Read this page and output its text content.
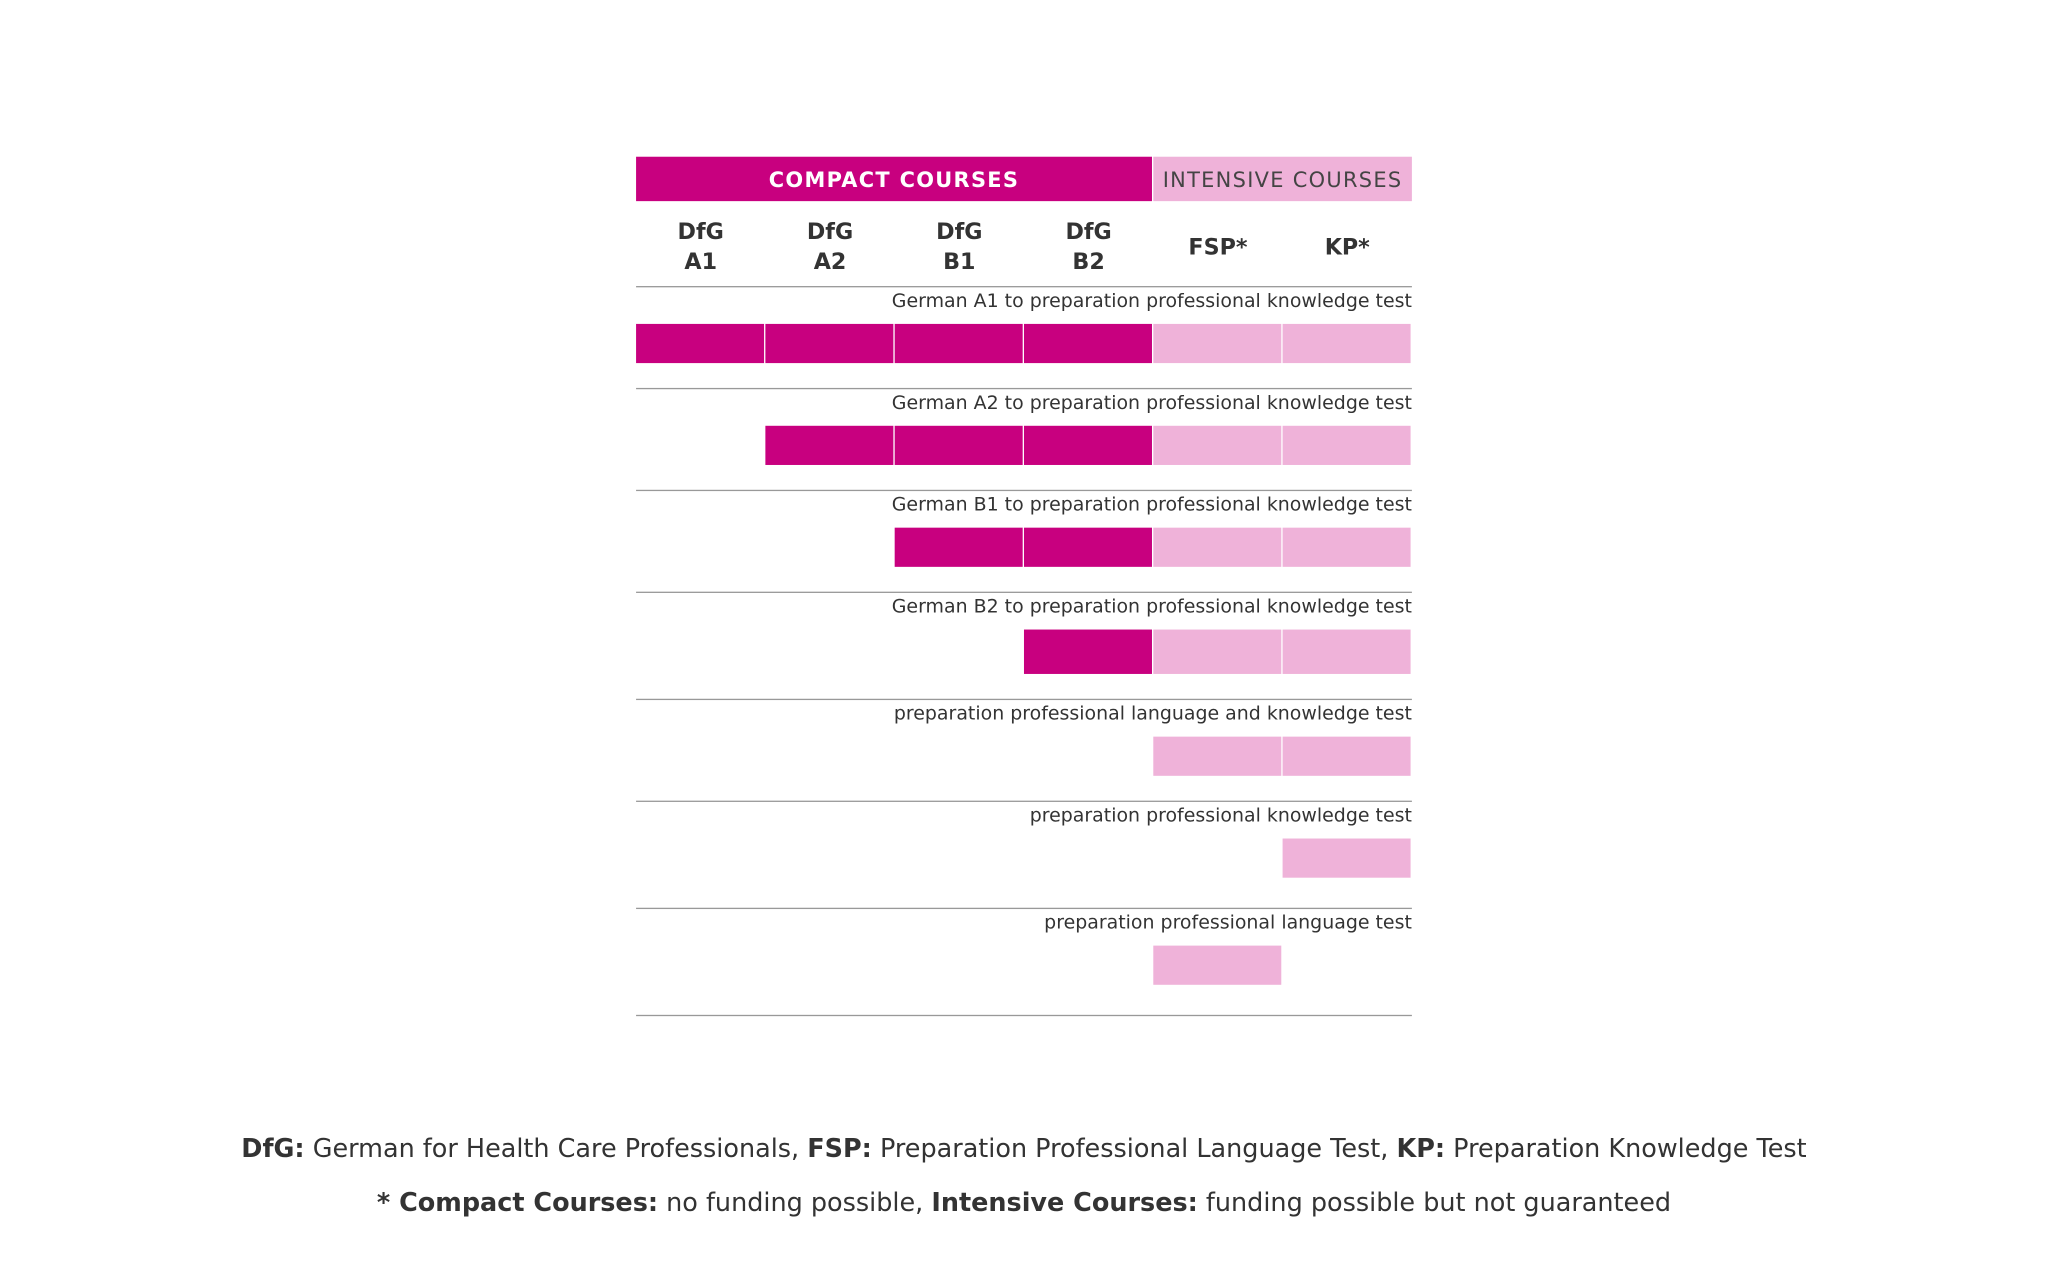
COMPACT COURSES	INTENSIVE COURSES
DfG
A1
DfG
A2
DfG
B1
DfG
B2
FSP*	KP*
German A1 to preparation professional knowledge test
German A2 to preparation professional knowledge test
German B1 to preparation professional knowledge test
German B2 to preparation professional knowledge test
preparation professional language and knowledge test
preparation professional knowledge test
preparation professional language test
DfG: German for Health Care Professionals, FSP: Preparation Professional Language Test, KP: Preparation Knowledge Test
* Compact Courses: no funding possible, Intensive Courses: funding possible but not guaranteed
